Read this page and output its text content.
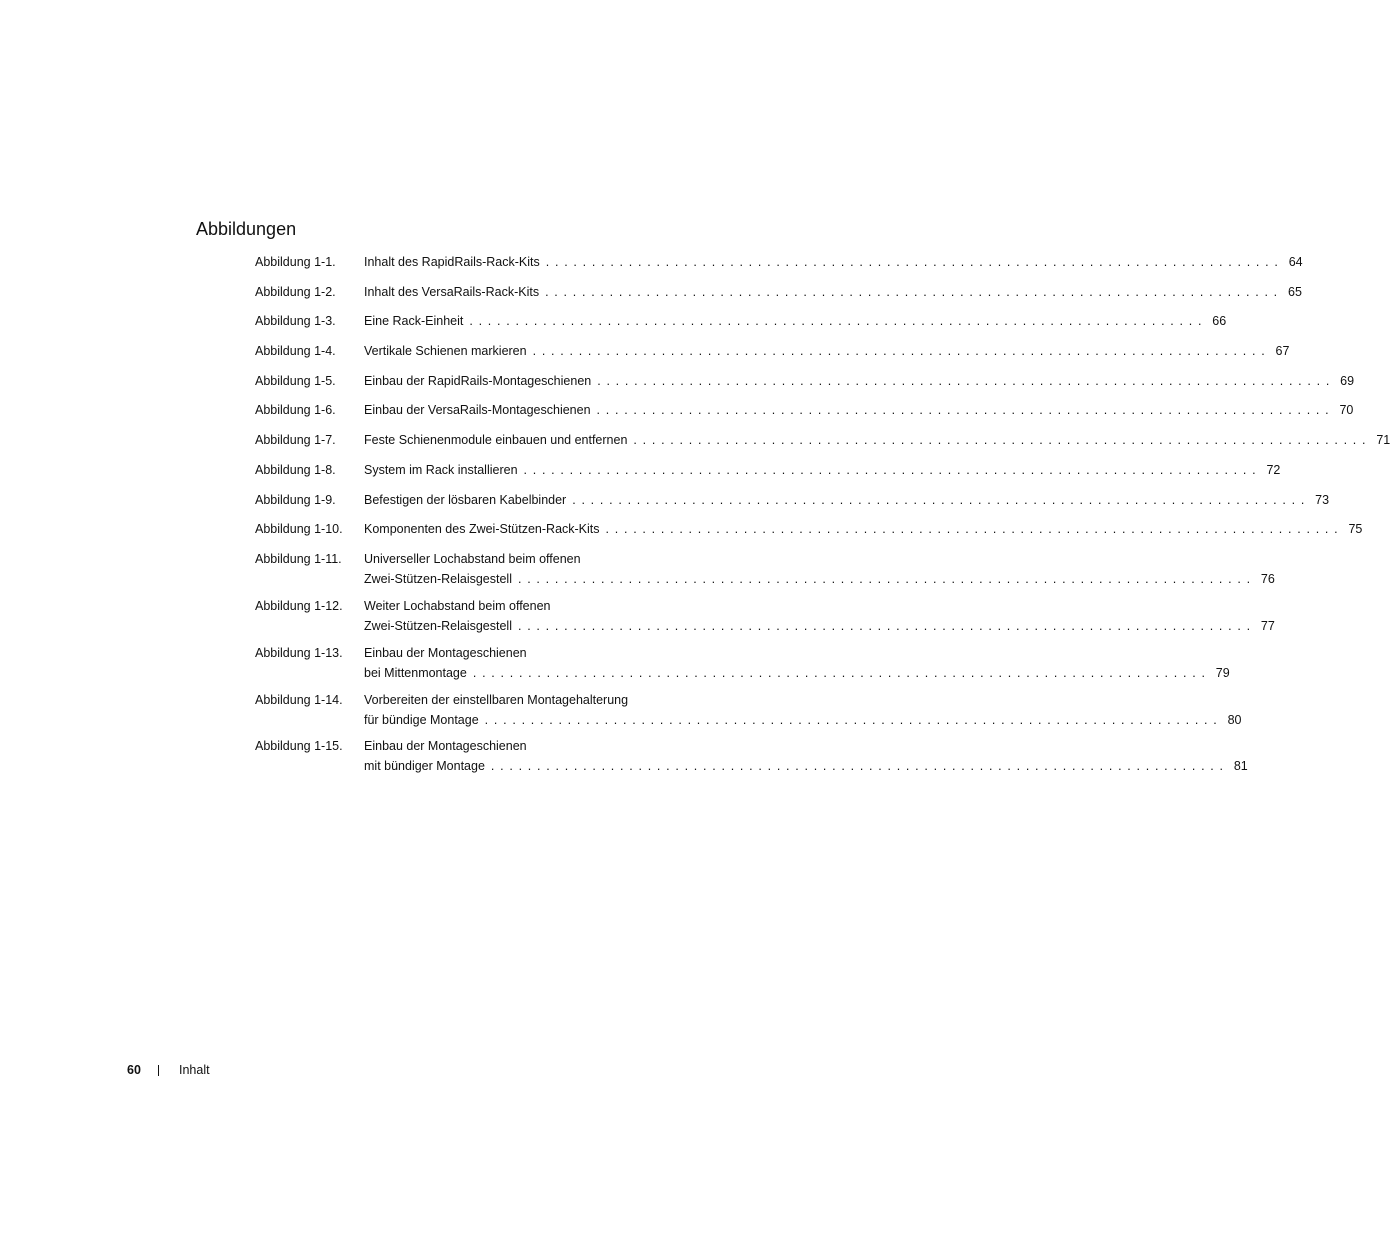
Abbildungen
Abbildung 1-1.	Inhalt des RapidRails-Rack-Kits ................................................................................ 64
Abbildung 1-2.	Inhalt des VersaRails-Rack-Kits ................................................................................ 65
Abbildung 1-3.	Eine Rack-Einheit ................................................................................ 66
Abbildung 1-4.	Vertikale Schienen markieren ................................................................................ 67
Abbildung 1-5.	Einbau der RapidRails-Montageschienen ................................................................................ 69
Abbildung 1-6.	Einbau der VersaRails-Montageschienen ................................................................................ 70
Abbildung 1-7.	Feste Schienenmodule einbauen und entfernen ................................................................................ 71
Abbildung 1-8.	System im Rack installieren ................................................................................ 72
Abbildung 1-9.	Befestigen der lösbaren Kabelbinder ................................................................................ 73
Abbildung 1-10.	Komponenten des Zwei-Stützen-Rack-Kits ................................................................................ 75
Abbildung 1-11.	Universeller Lochabstand beim offenen
Zwei-Stützen-Relaisgestell ................................................................................ 76
Abbildung 1-12.	Weiter Lochabstand beim offenen
Zwei-Stützen-Relaisgestell ................................................................................ 77
Abbildung 1-13.	Einbau der Montageschienen
bei Mittenmontage ................................................................................ 79
Abbildung 1-14.	Vorbereiten der einstellbaren Montagehalterung
für bündige Montage ................................................................................ 80
Abbildung 1-15.	Einbau der Montageschienen
mit bündiger Montage ................................................................................ 81
60	Inhalt
